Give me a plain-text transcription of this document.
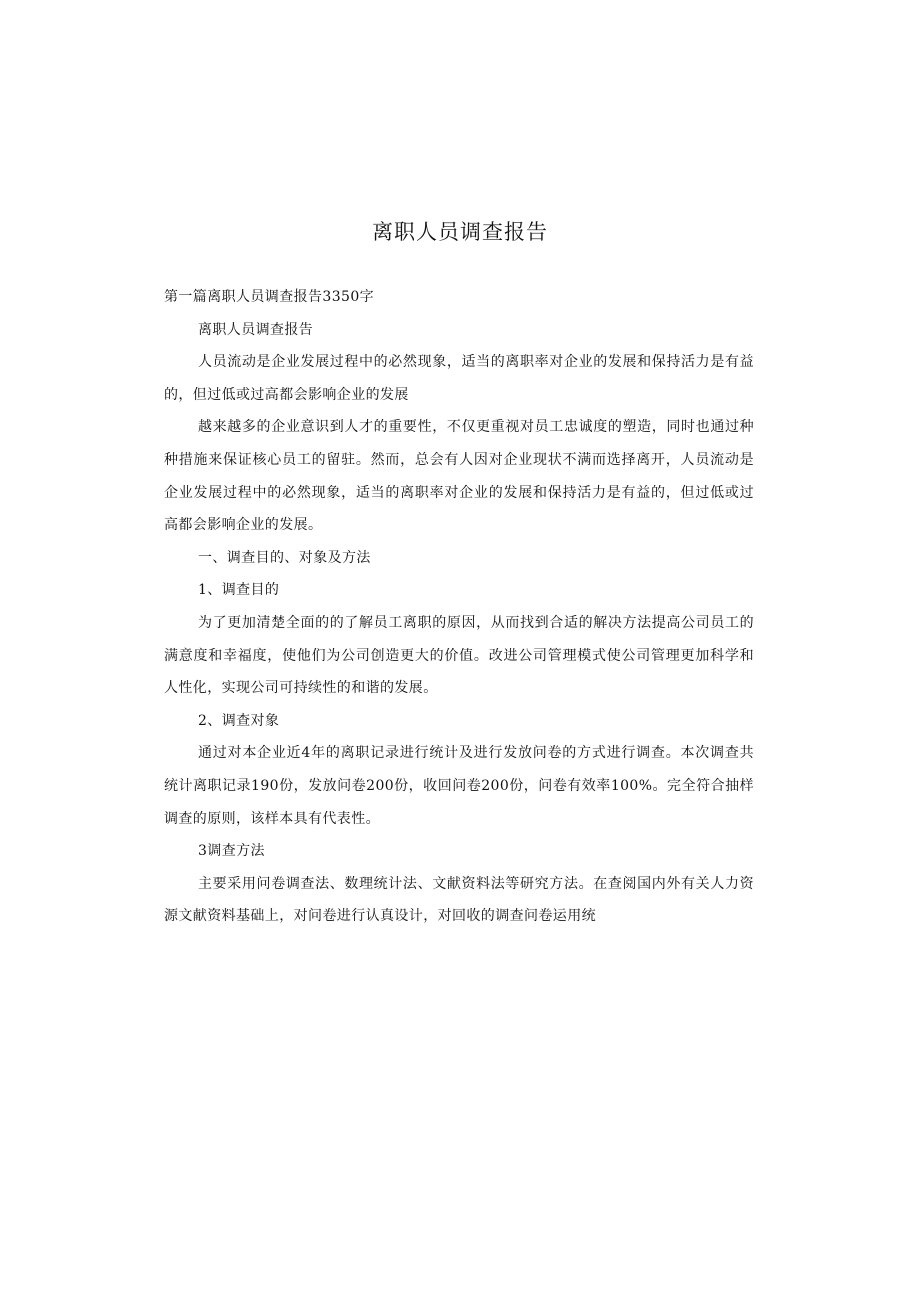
离职人员调查报告

第一篇离职人员调查报告3350字

离职人员调查报告

人员流动是企业发展过程中的必然现象，适当的离职率对企业的发展和保持活力是有益的，但过低或过高都会影响企业的发展

越来越多的企业意识到人才的重要性，不仅更重视对员工忠诚度的塑造，同时也通过种种措施来保证核心员工的留驻。然而，总会有人因对企业现状不满而选择离开，人员流动是企业发展过程中的必然现象，适当的离职率对企业的发展和保持活力是有益的，但过低或过高都会影响企业的发展。

一、调查目的、对象及方法

1、调查目的

为了更加清楚全面的的了解员工离职的原因，从而找到合适的解决方法提高公司员工的满意度和幸福度，使他们为公司创造更大的价值。改进公司管理模式使公司管理更加科学和人性化，实现公司可持续性的和谐的发展。

2、调查对象

通过对本企业近4年的离职记录进行统计及进行发放问卷的方式进行调查。本次调查共统计离职记录190份，发放问卷200份，收回问卷200份，问卷有效率100%。完全符合抽样调查的原则，该样本具有代表性。

3调查方法

主要采用问卷调查法、数理统计法、文献资料法等研究方法。在查阅国内外有关人力资源文献资料基础上，对问卷进行认真设计，对回收的调查问卷运用统
